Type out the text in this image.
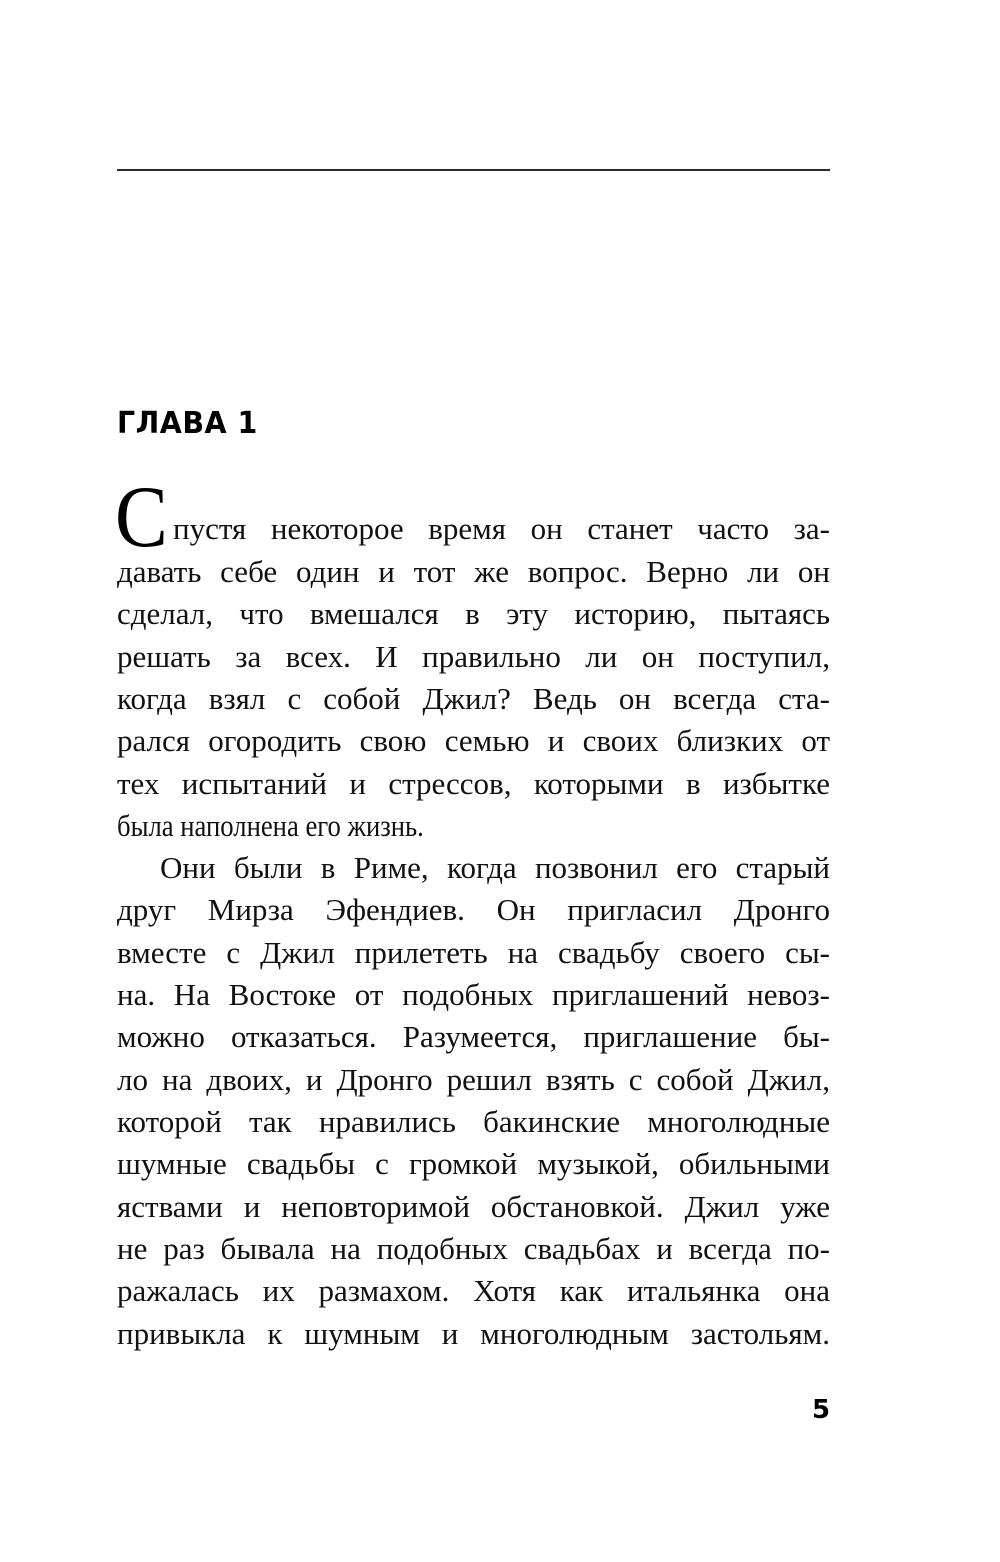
ГЛАВА 1
С пустя некоторое время он станет часто за-
давать себе один и тот же вопрос. Верно ли он
сделал, что вмешался в эту историю, пытаясь
решать за всех. И правильно ли он поступил,
когда взял с собой Джил? Ведь он всегда ста-
рался огородить свою семью и своих близких от
тех испытаний и стрессов, которыми в избытке
была наполнена его жизнь.
Они были в Риме, когда позвонил его старый
друг Мирза Эфендиев. Он пригласил Дронго
вместе с Джил прилететь на свадьбу своего сы-
на. На Востоке от подобных приглашений невоз-
можно отказаться. Разумеется, приглашение бы-
ло на двоих, и Дронго решил взять с собой Джил,
которой так нравились бакинские многолюдные
шумные свадьбы с громкой музыкой, обильными
яствами и неповторимой обстановкой. Джил уже
не раз бывала на подобных свадьбах и всегда по-
ражалась их размахом. Хотя как итальянка она
привыкла к шумным и многолюдным застольям.
5
